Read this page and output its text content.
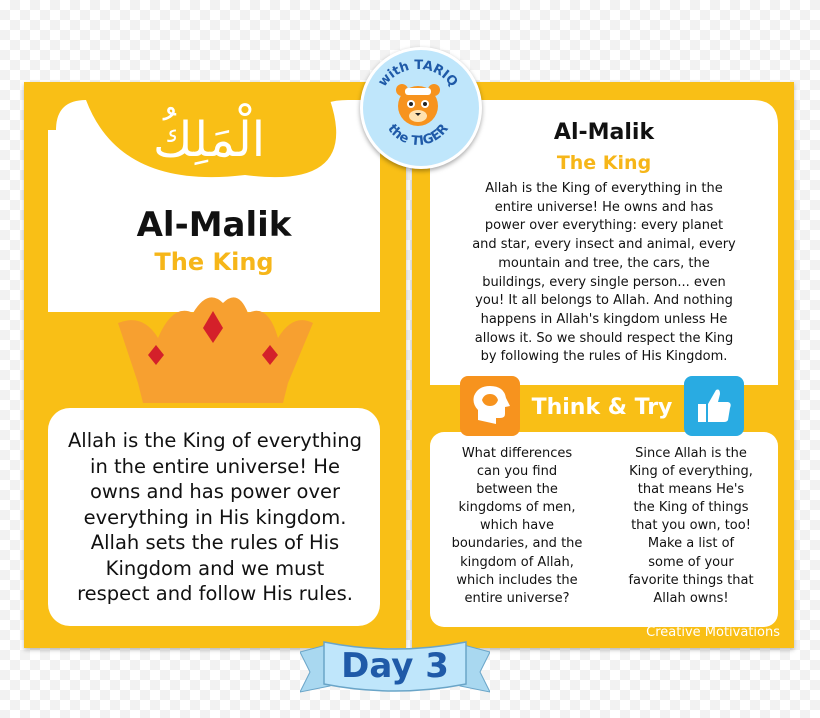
الْمَلِكُ
Al-Malik
The King
Allah is the King of everything
in the entire universe! He
owns and has power over
everything in His kingdom.
Allah sets the rules of His
Kingdom and we must
respect and follow His rules.
Al-Malik
The King
Allah is the King of everything in the
entire universe! He owns and has
power over everything: every planet
and star, every insect and animal, every
mountain and tree, the cars, the
buildings, every single person... even
you! It all belongs to Allah. And nothing
happens in Allah's kingdom unless He
allows it. So we should respect the King
by following the rules of His Kingdom.
Think & Try
What differences
can you find
between the
kingdoms of men,
which have
boundaries, and the
kingdom of Allah,
which includes the
entire universe?
Since Allah is the
King of everything,
that means He's
the King of things
that you own, too!
Make a list of
some of your
favorite things that
Allah owns!
Creative Motivations
with TARIQ
the TIGER
Day 3
